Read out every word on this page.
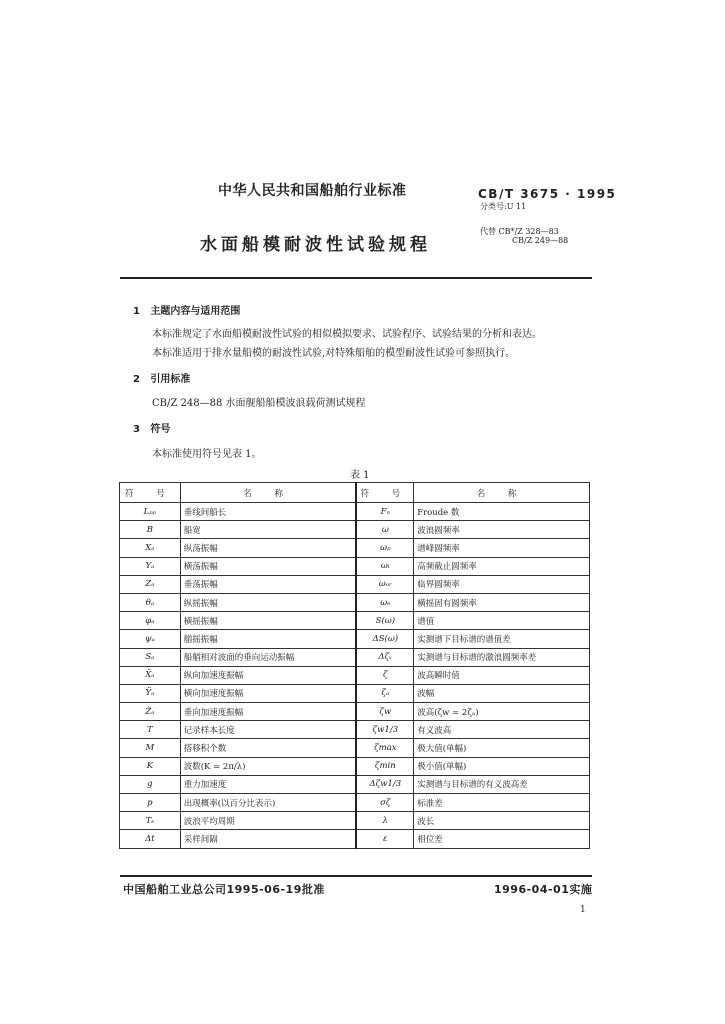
中华人民共和国船舶行业标准	CB/T 3675 · 1995
分类号:U 11
水面船模耐波性试验规程
代替 CB*/Z 328—83
CB/Z 249—88
1 主题内容与适用范围
本标准规定了水面船模耐波性试验的相似模拟要求、试验程序、试验结果的分析和表达。
本标准适用于排水量船模的耐波性试验,对特殊船舶的模型耐波性试验可参照执行。
2 引用标准
CB/Z 248—88 水面舰船船模波浪载荷测试规程
3 符号
本标准使用符号见表 1。
表 1
符 号	名 称	符 号	名 称
Lₚₚ	垂线间船长	Fₙ	Froude 数
B	船宽	ω	波浪圆频率
Xₐ	纵荡振幅	ωₚ	谱峰圆频率
Yₐ	横荡振幅	ωₗ	高频截止圆频率
Zₐ	垂荡振幅	ωₒᵣ	临界圆频率
θₐ	纵摇振幅	ωₑ	横摇固有圆频率
φₐ	横摇振幅	S(ω)	谱值
ψₐ	艏摇振幅	ΔS(ω)	实测谱下目标谱的谱值差
Sₐ	船艏相对波面的垂向运动振幅	Δζᵥ	实测谱与目标谱的激浪圆频率差
Ẍₐ	纵向加速度振幅	ζ	波高瞬时值
Ÿₐ	横向加速度振幅	ζₐ	波幅
Z̈ₐ	垂向加速度振幅	ζw	波高(ζw = 2ζₐ)
T	记录样本长度	ζw1/3	有义波高
M	搭移积个数	ζmax	极大值(单幅)
K	波数(K = 2π/λ)	ζmin	极小值(单幅)
g	重力加速度	Δζw1/3	实测谱与目标谱的有义波高差
p	出现概率(以百分比表示)	σζ	标准差
Tₛ	波浪平均周期	λ	波长
Δt	采样间隔	ε	相位差
中国船舶工业总公司1995-06-19批准	1996-04-01实施
1
